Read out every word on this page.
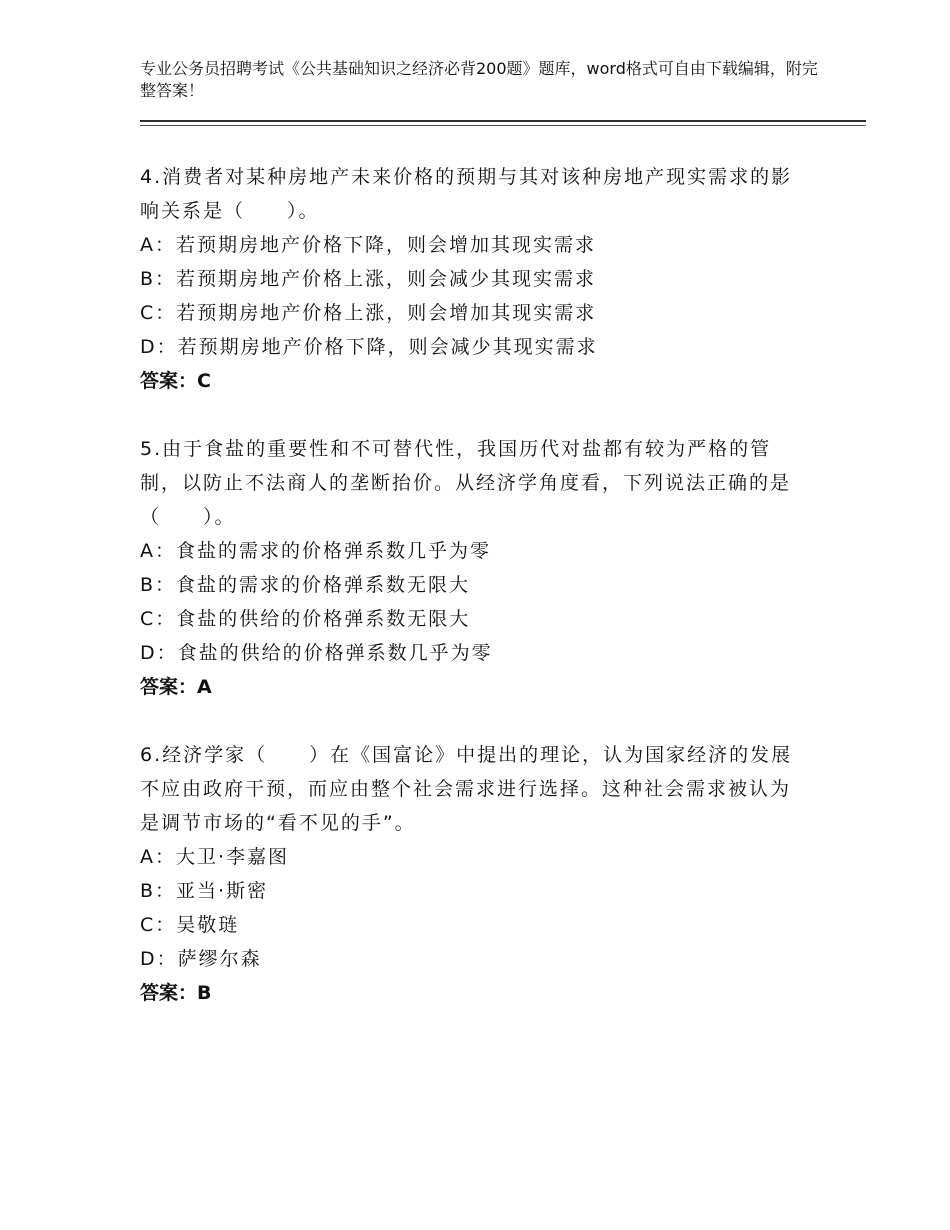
专业公务员招聘考试《公共基础知识之经济必背200题》题库，word格式可自由下载编辑，附完整答案！
4.消费者对某种房地产未来价格的预期与其对该种房地产现实需求的影响关系是（　　）。
A：若预期房地产价格下降，则会增加其现实需求
B：若预期房地产价格上涨，则会减少其现实需求
C：若预期房地产价格上涨，则会增加其现实需求
D：若预期房地产价格下降，则会减少其现实需求
答案：C
5.由于食盐的重要性和不可替代性，我国历代对盐都有较为严格的管制，以防止不法商人的垄断抬价。从经济学角度看，下列说法正确的是（　　）。
A：食盐的需求的价格弹系数几乎为零
B：食盐的需求的价格弹系数无限大
C：食盐的供给的价格弹系数无限大
D：食盐的供给的价格弹系数几乎为零
答案：A
6.经济学家（　　）在《国富论》中提出的理论，认为国家经济的发展不应由政府干预，而应由整个社会需求进行选择。这种社会需求被认为是调节市场的“看不见的手”。
A：大卫·李嘉图
B：亚当·斯密
C：吴敬琏
D：萨缪尔森
答案：B
